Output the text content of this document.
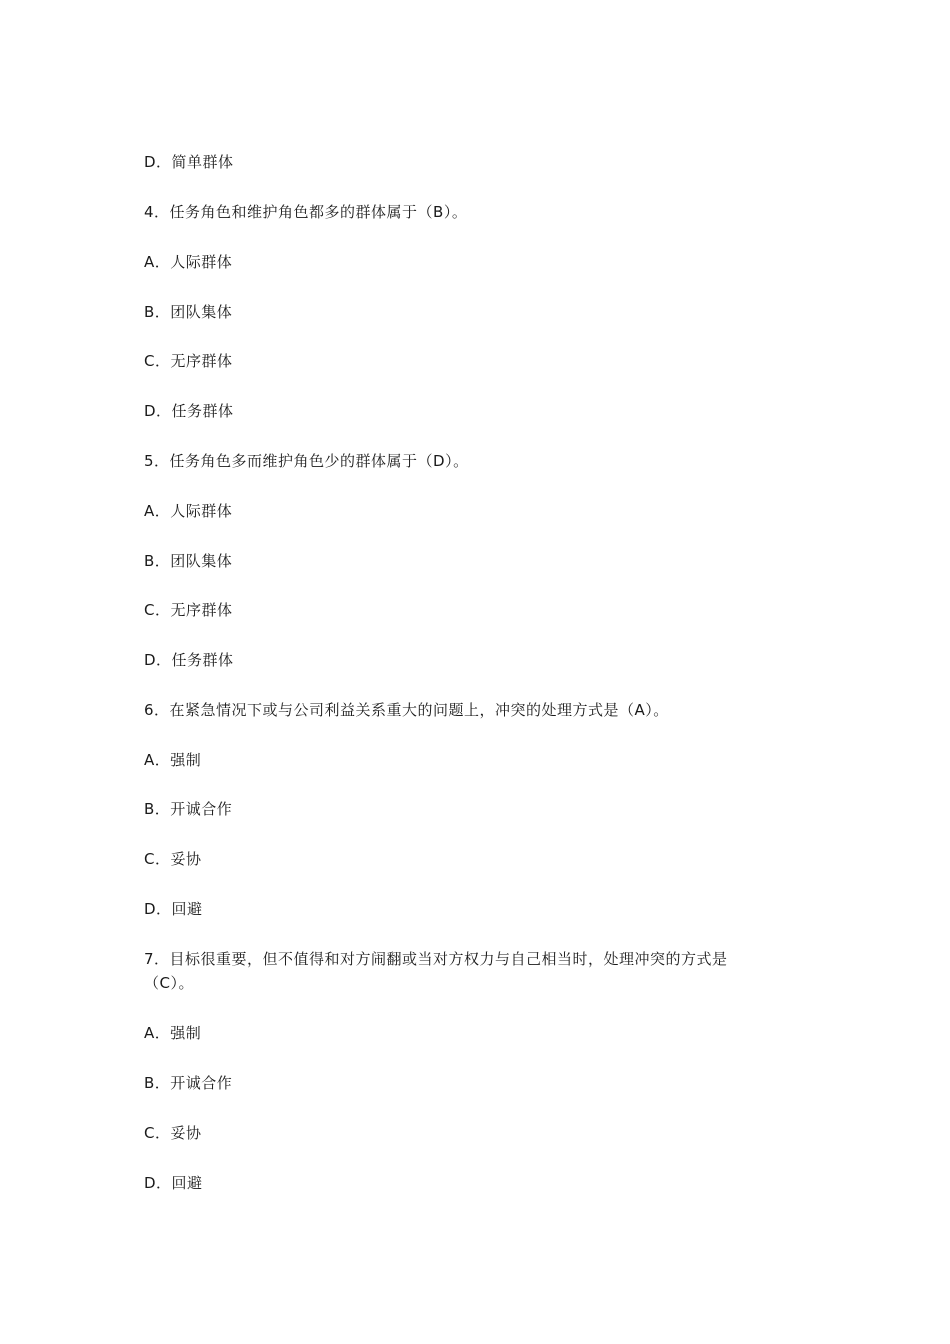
D．简单群体
4．任务角色和维护角色都多的群体属于（B）。
A．人际群体
B．团队集体
C．无序群体
D．任务群体
5．任务角色多而维护角色少的群体属于（D）。
A．人际群体
B．团队集体
C．无序群体
D．任务群体
6．在紧急情况下或与公司利益关系重大的问题上，冲突的处理方式是（A）。
A．强制
B．开诚合作
C．妥协
D．回避
7．目标很重要，但不值得和对方闹翻或当对方权力与自己相当时，处理冲突的方式是
（C）。
A．强制
B．开诚合作
C．妥协
D．回避
